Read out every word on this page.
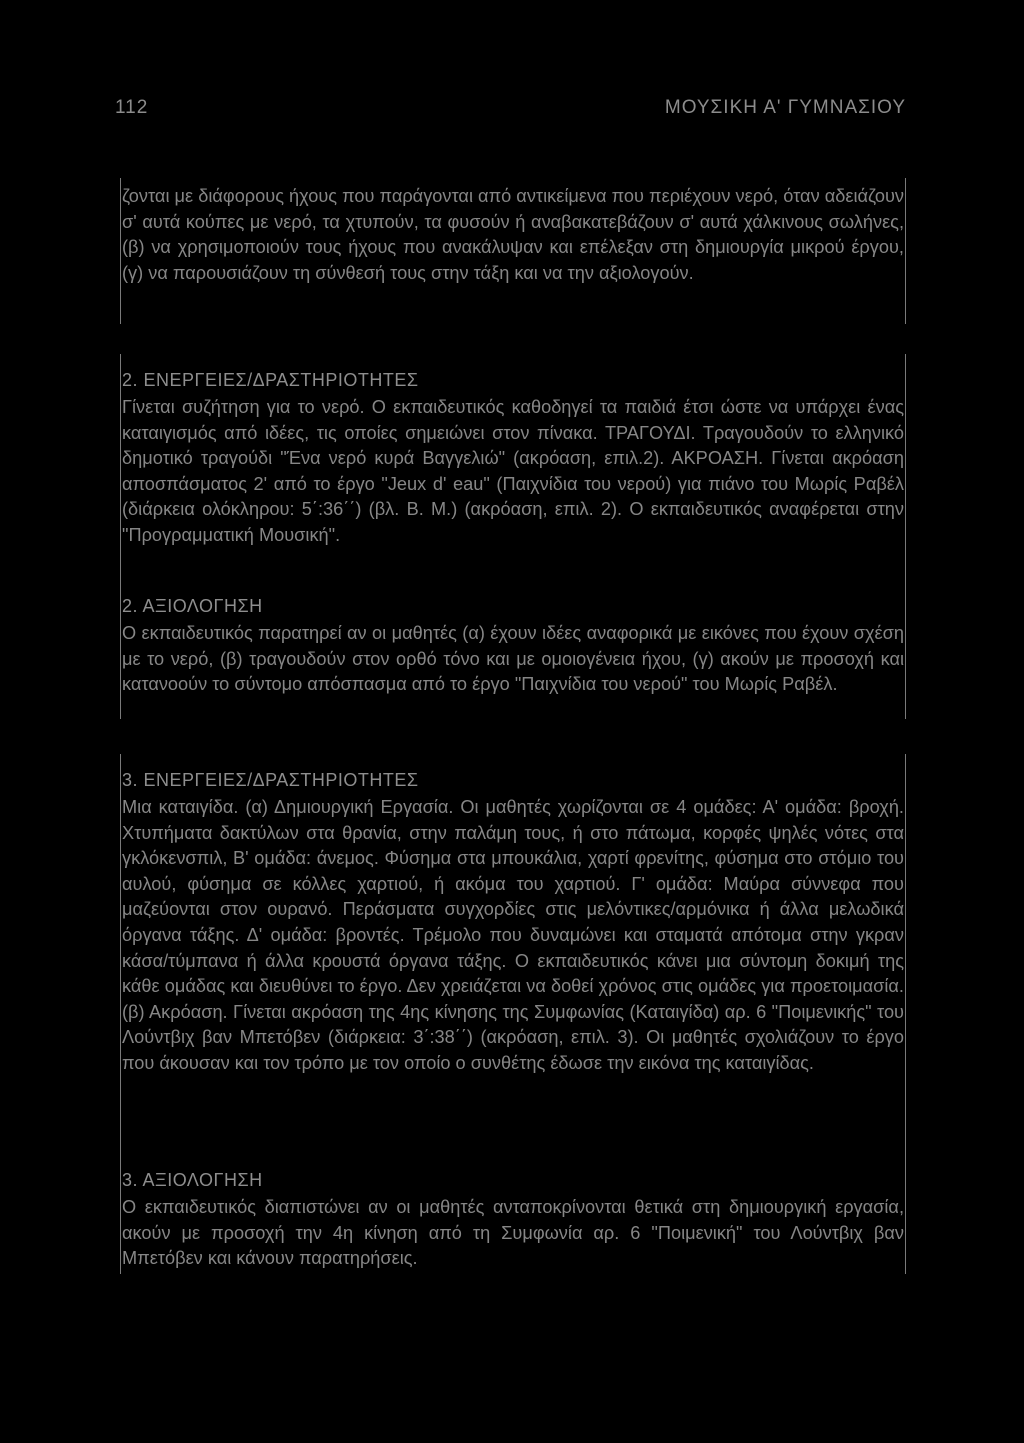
112	ΜΟΥΣΙΚΗ Α' ΓΥΜΝΑΣΙΟΥ

ζονται με διάφορους ήχους που παράγονται από αντικείμενα που περιέχουν νερό, όταν αδειάζουν σ' αυτά κούπες με νερό, τα χτυπούν, τα φυσούν ή αναβακατεβάζουν σ' αυτά χάλκινους σωλήνες, (β) να χρησιμοποιούν τους ήχους που ανακάλυψαν και επέλεξαν στη δημιουργία μικρού έργου, (γ) να παρουσιάζουν τη σύνθεσή τους στην τάξη και να την αξιολογούν.

2. ΕΝΕΡΓΕΙΕΣ/ΔΡΑΣΤΗΡΙΟΤΗΤΕΣ

Γίνεται συζήτηση για το νερό. Ο εκπαιδευτικός καθοδηγεί τα παιδιά έτσι ώστε να υπάρχει ένας καταιγισμός από ιδέες, τις οποίες σημειώνει στον πίνακα. ΤΡΑΓΟΥΔΙ. Τραγουδούν το ελληνικό δημοτικό τραγούδι "Ένα νερό κυρά Βαγγελιώ" (ακρόαση, επιλ.2). ΑΚΡΟΑΣΗ. Γίνεται ακρόαση αποσπάσματος 2' από το έργο "Jeux d' eau" (Παιχνίδια του νερού) για πιάνο του Μωρίς Ραβέλ (διάρκεια ολόκληρου: 5΄:36΄΄) (βλ. Β. Μ.) (ακρόαση, επιλ. 2). Ο εκπαιδευτικός αναφέρεται στην "Προγραμματική Μουσική".

2. ΑΞΙΟΛΟΓΗΣΗ

Ο εκπαιδευτικός παρατηρεί αν οι μαθητές (α) έχουν ιδέες αναφορικά με εικόνες που έχουν σχέση με το νερό, (β) τραγουδούν στον ορθό τόνο και με ομοιογένεια ήχου, (γ) ακούν με προσοχή και κατανοούν το σύντομο απόσπασμα από το έργο "Παιχνίδια του νερού" του Μωρίς Ραβέλ.

3. ΕΝΕΡΓΕΙΕΣ/ΔΡΑΣΤΗΡΙΟΤΗΤΕΣ

Μια καταιγίδα. (α) Δημιουργική Εργασία. Οι μαθητές χωρίζονται σε 4 ομάδες: Α' ομάδα: βροχή. Χτυπήματα δακτύλων στα θρανία, στην παλάμη τους, ή στο πάτωμα, κορφές ψηλές νότες στα γκλόκενσπιλ, Β' ομάδα: άνεμος. Φύσημα στα μπουκάλια, χαρτί φρενίτης, φύσημα στο στόμιο του αυλού, φύσημα σε κόλλες χαρτιού, ή ακόμα του χαρτιού. Γ' ομάδα: Μαύρα σύννεφα που μαζεύονται στον ουρανό. Περάσματα συγχορδίες στις μελόντικες/αρμόνικα ή άλλα μελωδικά όργανα τάξης. Δ' ομάδα: βροντές. Τρέμολο που δυναμώνει και σταματά απότομα στην γκραν κάσα/τύμπανα ή άλλα κρουστά όργανα τάξης. Ο εκπαιδευτικός κάνει μια σύντομη δοκιμή της κάθε ομάδας και διευθύνει το έργο. Δεν χρειάζεται να δοθεί χρόνος στις ομάδες για προετοιμασία. (β) Ακρόαση. Γίνεται ακρόαση της 4ης κίνησης της Συμφωνίας (Καταιγίδα) αρ. 6 "Ποιμενικής" του Λούντβιχ βαν Μπετόβεν (διάρκεια: 3΄:38΄΄) (ακρόαση, επιλ. 3). Οι μαθητές σχολιάζουν το έργο που άκουσαν και τον τρόπο με τον οποίο ο συνθέτης έδωσε την εικόνα της καταιγίδας.

3. ΑΞΙΟΛΟΓΗΣΗ

Ο εκπαιδευτικός διαπιστώνει αν οι μαθητές ανταποκρίνονται θετικά στη δημιουργική εργασία, ακούν με προσοχή την 4η κίνηση από τη Συμφωνία αρ. 6 "Ποιμενική" του Λούντβιχ βαν Μπετόβεν και κάνουν παρατηρήσεις.
